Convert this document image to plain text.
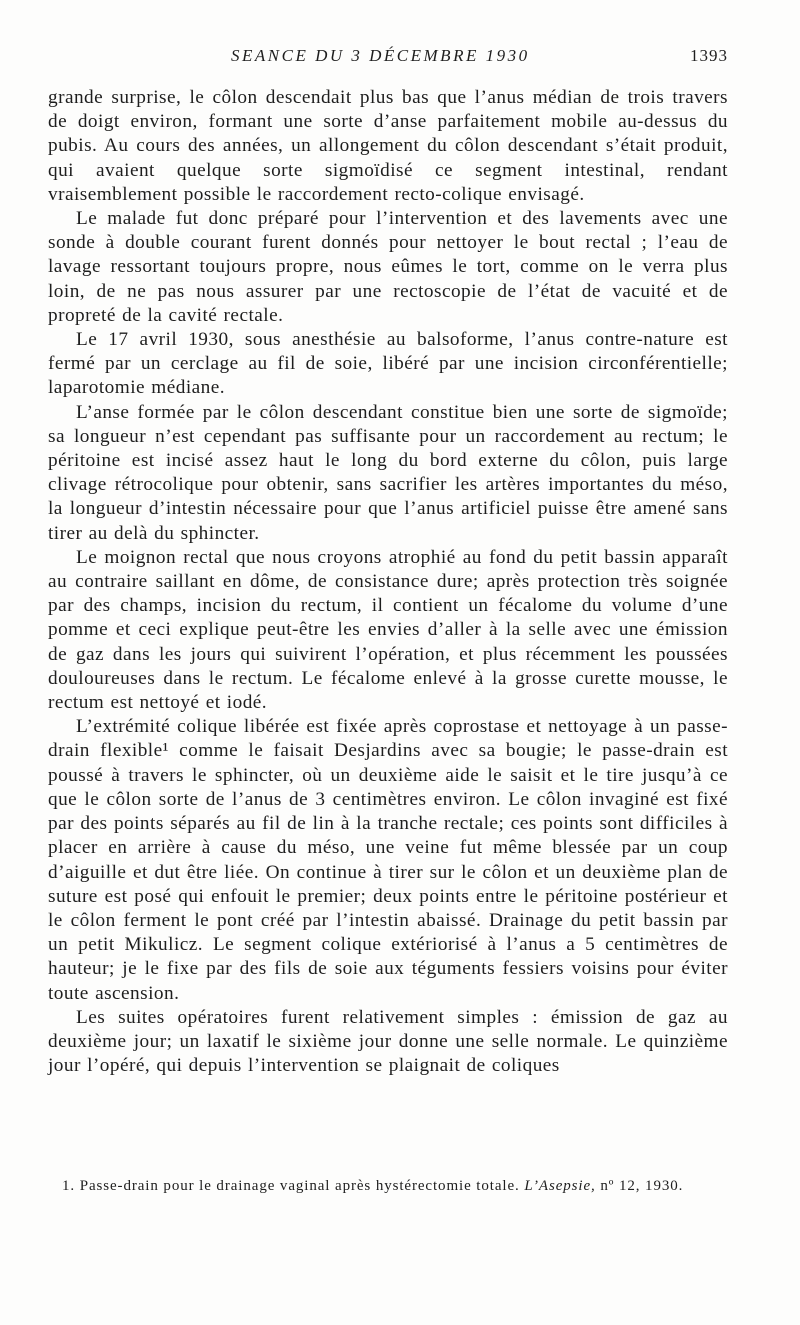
SEANCE DU 3 DÉCEMBRE 1930	1393

grande surprise, le côlon descendait plus bas que l’anus médian de trois travers de doigt environ, formant une sorte d’anse parfaitement mobile au-dessus du pubis. Au cours des années, un allongement du côlon descendant s’était produit, qui avaient quelque sorte sigmoïdisé ce segment intestinal, rendant vraisemblement possible le raccordement recto-colique envisagé.

Le malade fut donc préparé pour l’intervention et des lavements avec une sonde à double courant furent donnés pour nettoyer le bout rectal ; l’eau de lavage ressortant toujours propre, nous eûmes le tort, comme on le verra plus loin, de ne pas nous assurer par une rectoscopie de l’état de vacuité et de propreté de la cavité rectale.

Le 17 avril 1930, sous anesthésie au balsoforme, l’anus contre-nature est fermé par un cerclage au fil de soie, libéré par une incision circonférentielle; laparotomie médiane.

L’anse formée par le côlon descendant constitue bien une sorte de sigmoïde; sa longueur n’est cependant pas suffisante pour un raccordement au rectum; le péritoine est incisé assez haut le long du bord externe du côlon, puis large clivage rétrocolique pour obtenir, sans sacrifier les artères importantes du méso, la longueur d’intestin nécessaire pour que l’anus artificiel puisse être amené sans tirer au delà du sphincter.

Le moignon rectal que nous croyons atrophié au fond du petit bassin apparaît au contraire saillant en dôme, de consistance dure; après protection très soignée par des champs, incision du rectum, il contient un fécalome du volume d’une pomme et ceci explique peut-être les envies d’aller à la selle avec une émission de gaz dans les jours qui suivirent l’opération, et plus récemment les poussées douloureuses dans le rectum. Le fécalome enlevé à la grosse curette mousse, le rectum est nettoyé et iodé.

L’extrémité colique libérée est fixée après coprostase et nettoyage à un passe-drain flexible¹ comme le faisait Desjardins avec sa bougie; le passe-drain est poussé à travers le sphincter, où un deuxième aide le saisit et le tire jusqu’à ce que le côlon sorte de l’anus de 3 centimètres environ. Le côlon invaginé est fixé par des points séparés au fil de lin à la tranche rectale; ces points sont difficiles à placer en arrière à cause du méso, une veine fut même blessée par un coup d’aiguille et dut être liée. On continue à tirer sur le côlon et un deuxième plan de suture est posé qui enfouit le premier; deux points entre le péritoine postérieur et le côlon ferment le pont créé par l’intestin abaissé. Drainage du petit bassin par un petit Mikulicz. Le segment colique extériorisé à l’anus a 5 centimètres de hauteur; je le fixe par des fils de soie aux téguments fessiers voisins pour éviter toute ascension.

Les suites opératoires furent relativement simples : émission de gaz au deuxième jour; un laxatif le sixième jour donne une selle normale. Le quinzième jour l’opéré, qui depuis l’intervention se plaignait de coliques

1. Passe-drain pour le drainage vaginal après hystérectomie totale. L’Asepsie, nº 12, 1930.
